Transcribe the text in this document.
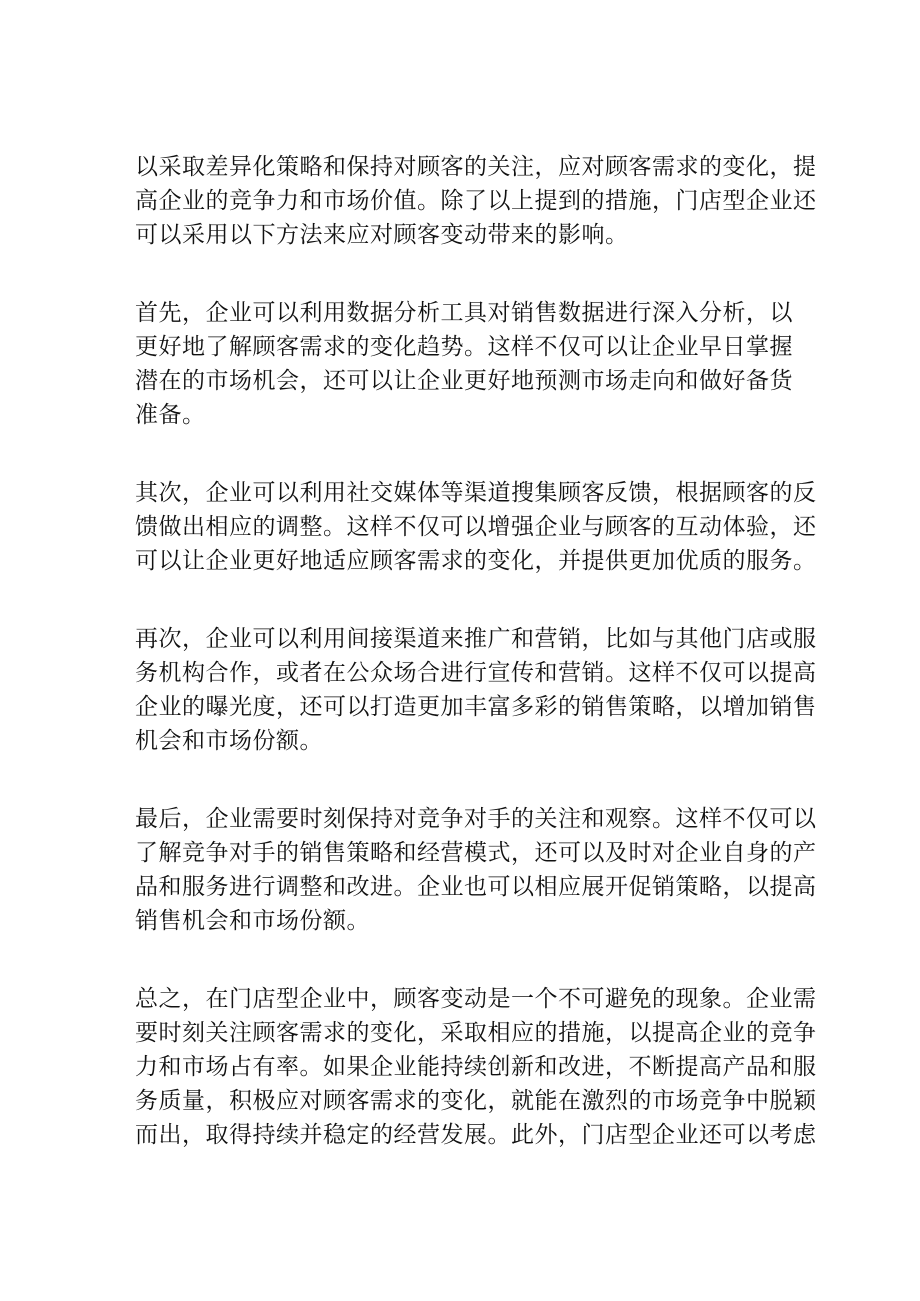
以采取差异化策略和保持对顾客的关注，应对顾客需求的变化，提
高企业的竞争力和市场价值。除了以上提到的措施，门店型企业还
可以采用以下方法来应对顾客变动带来的影响。

首先，企业可以利用数据分析工具对销售数据进行深入分析，以
更好地了解顾客需求的变化趋势。这样不仅可以让企业早日掌握
潜在的市场机会，还可以让企业更好地预测市场走向和做好备货
准备。

其次，企业可以利用社交媒体等渠道搜集顾客反馈，根据顾客的反
馈做出相应的调整。这样不仅可以增强企业与顾客的互动体验，还
可以让企业更好地适应顾客需求的变化，并提供更加优质的服务。

再次，企业可以利用间接渠道来推广和营销，比如与其他门店或服
务机构合作，或者在公众场合进行宣传和营销。这样不仅可以提高
企业的曝光度，还可以打造更加丰富多彩的销售策略，以增加销售
机会和市场份额。

最后，企业需要时刻保持对竞争对手的关注和观察。这样不仅可以
了解竞争对手的销售策略和经营模式，还可以及时对企业自身的产
品和服务进行调整和改进。企业也可以相应展开促销策略，以提高
销售机会和市场份额。

总之，在门店型企业中，顾客变动是一个不可避免的现象。企业需
要时刻关注顾客需求的变化，采取相应的措施，以提高企业的竞争
力和市场占有率。如果企业能持续创新和改进，不断提高产品和服
务质量，积极应对顾客需求的变化，就能在激烈的市场竞争中脱颖
而出，取得持续并稳定的经营发展。此外，门店型企业还可以考虑
